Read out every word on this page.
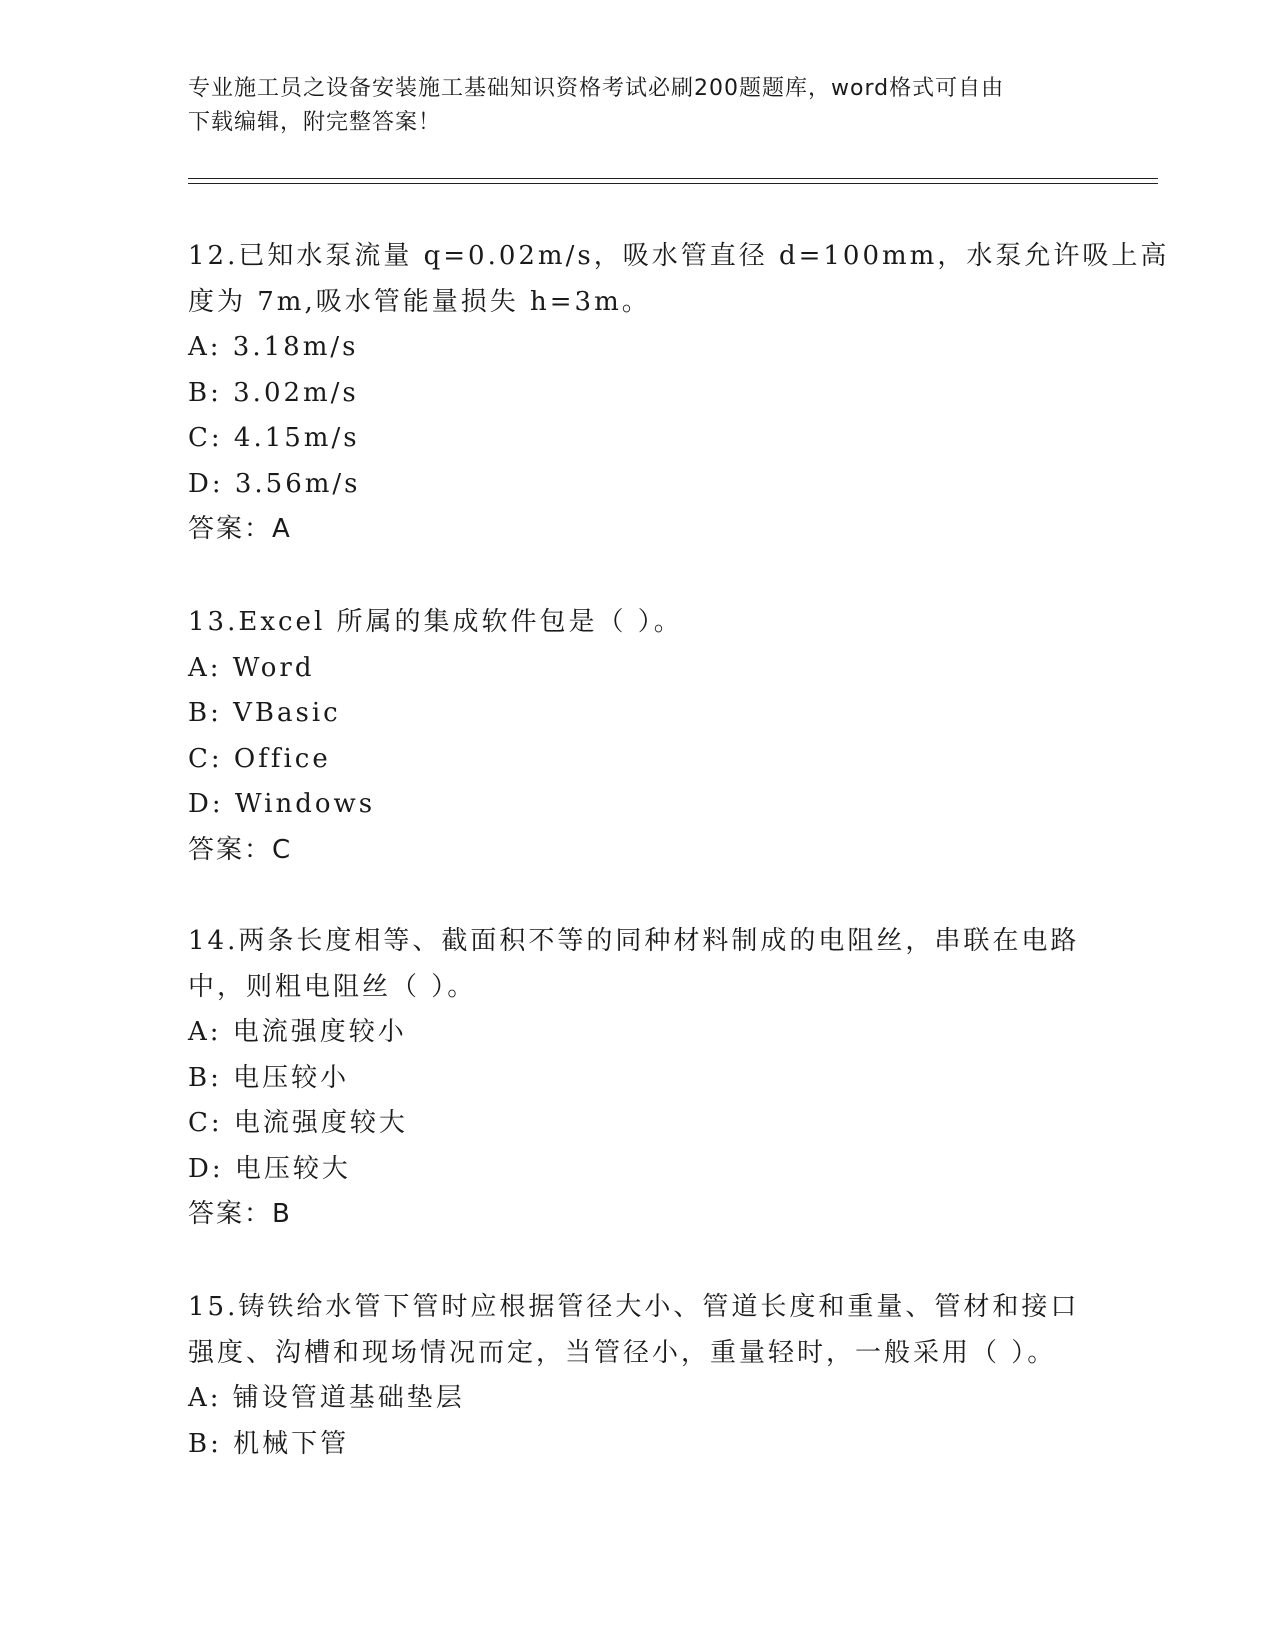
专业施工员之设备安装施工基础知识资格考试必刷200题题库，word格式可自由
下载编辑，附完整答案！
12.已知水泵流量 q=0.02m/s，吸水管直径 d=100mm，水泵允许吸上高
度为 7m,吸水管能量损失 h=3m。
A: 3.18m/s
B: 3.02m/s
C: 4.15m/s
D: 3.56m/s
答案：A
13.Excel 所属的集成软件包是（ ）。
A: Word
B: VBasic
C: Office
D: Windows
答案：C
14.两条长度相等、截面积不等的同种材料制成的电阻丝，串联在电路
中，则粗电阻丝（ ）。
A: 电流强度较小
B: 电压较小
C: 电流强度较大
D: 电压较大
答案：B
15.铸铁给水管下管时应根据管径大小、管道长度和重量、管材和接口
强度、沟槽和现场情况而定，当管径小，重量轻时，一般采用（ ）。
A: 铺设管道基础垫层
B: 机械下管
